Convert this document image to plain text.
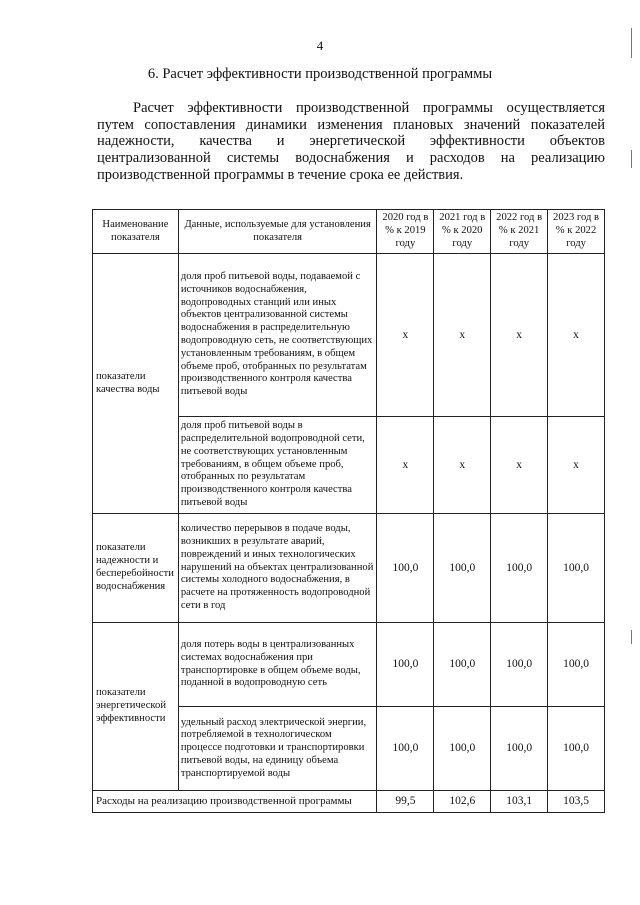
4
6. Расчет эффективности производственной программы
Расчет эффективности производственной программы осуществляется путем сопоставления динамики изменения плановых значений показателей надежности, качества и энергетической эффективности объектов централизованной системы водоснабжения и расходов на реализацию производственной программы в течение срока ее действия.
Наименование показателя	Данные, используемые для установления показателя	2020 год в % к 2019 году	2021 год в % к 2020 году	2022 год в % к 2021 году	2023 год в % к 2022 году
показатели качества воды	доля проб питьевой воды, подаваемой с источников водоснабжения, водопроводных станций или иных объектов централизованной системы водоснабжения в распределительную водопроводную сеть, не соответствующих установленным требованиям, в общем объеме проб, отобранных по результатам производственного контроля качества питьевой воды	х	х	х	х
	доля проб питьевой воды в распределительной водопроводной сети, не соответствующих установленным требованиям, в общем объеме проб, отобранных по результатам производственного контроля качества питьевой воды	х	х	х	х
показатели надежности и бесперебойности водоснабжения	количество перерывов в подаче воды, возникших в результате аварий, повреждений и иных технологических нарушений на объектах централизованной системы холодного водоснабжения, в расчете на протяженность водопроводной сети в год	100,0	100,0	100,0	100,0
показатели энергетической эффективности	доля потерь воды в централизованных системах водоснабжения при транспортировке в общем объеме воды, поданной в водопроводную сеть	100,0	100,0	100,0	100,0
	удельный расход электрической энергии, потребляемой в технологическом процессе подготовки и транспортировки питьевой воды, на единицу объема транспортируемой воды	100,0	100,0	100,0	100,0
Расходы на реализацию производственной программы		99,5	102,6	103,1	103,5
